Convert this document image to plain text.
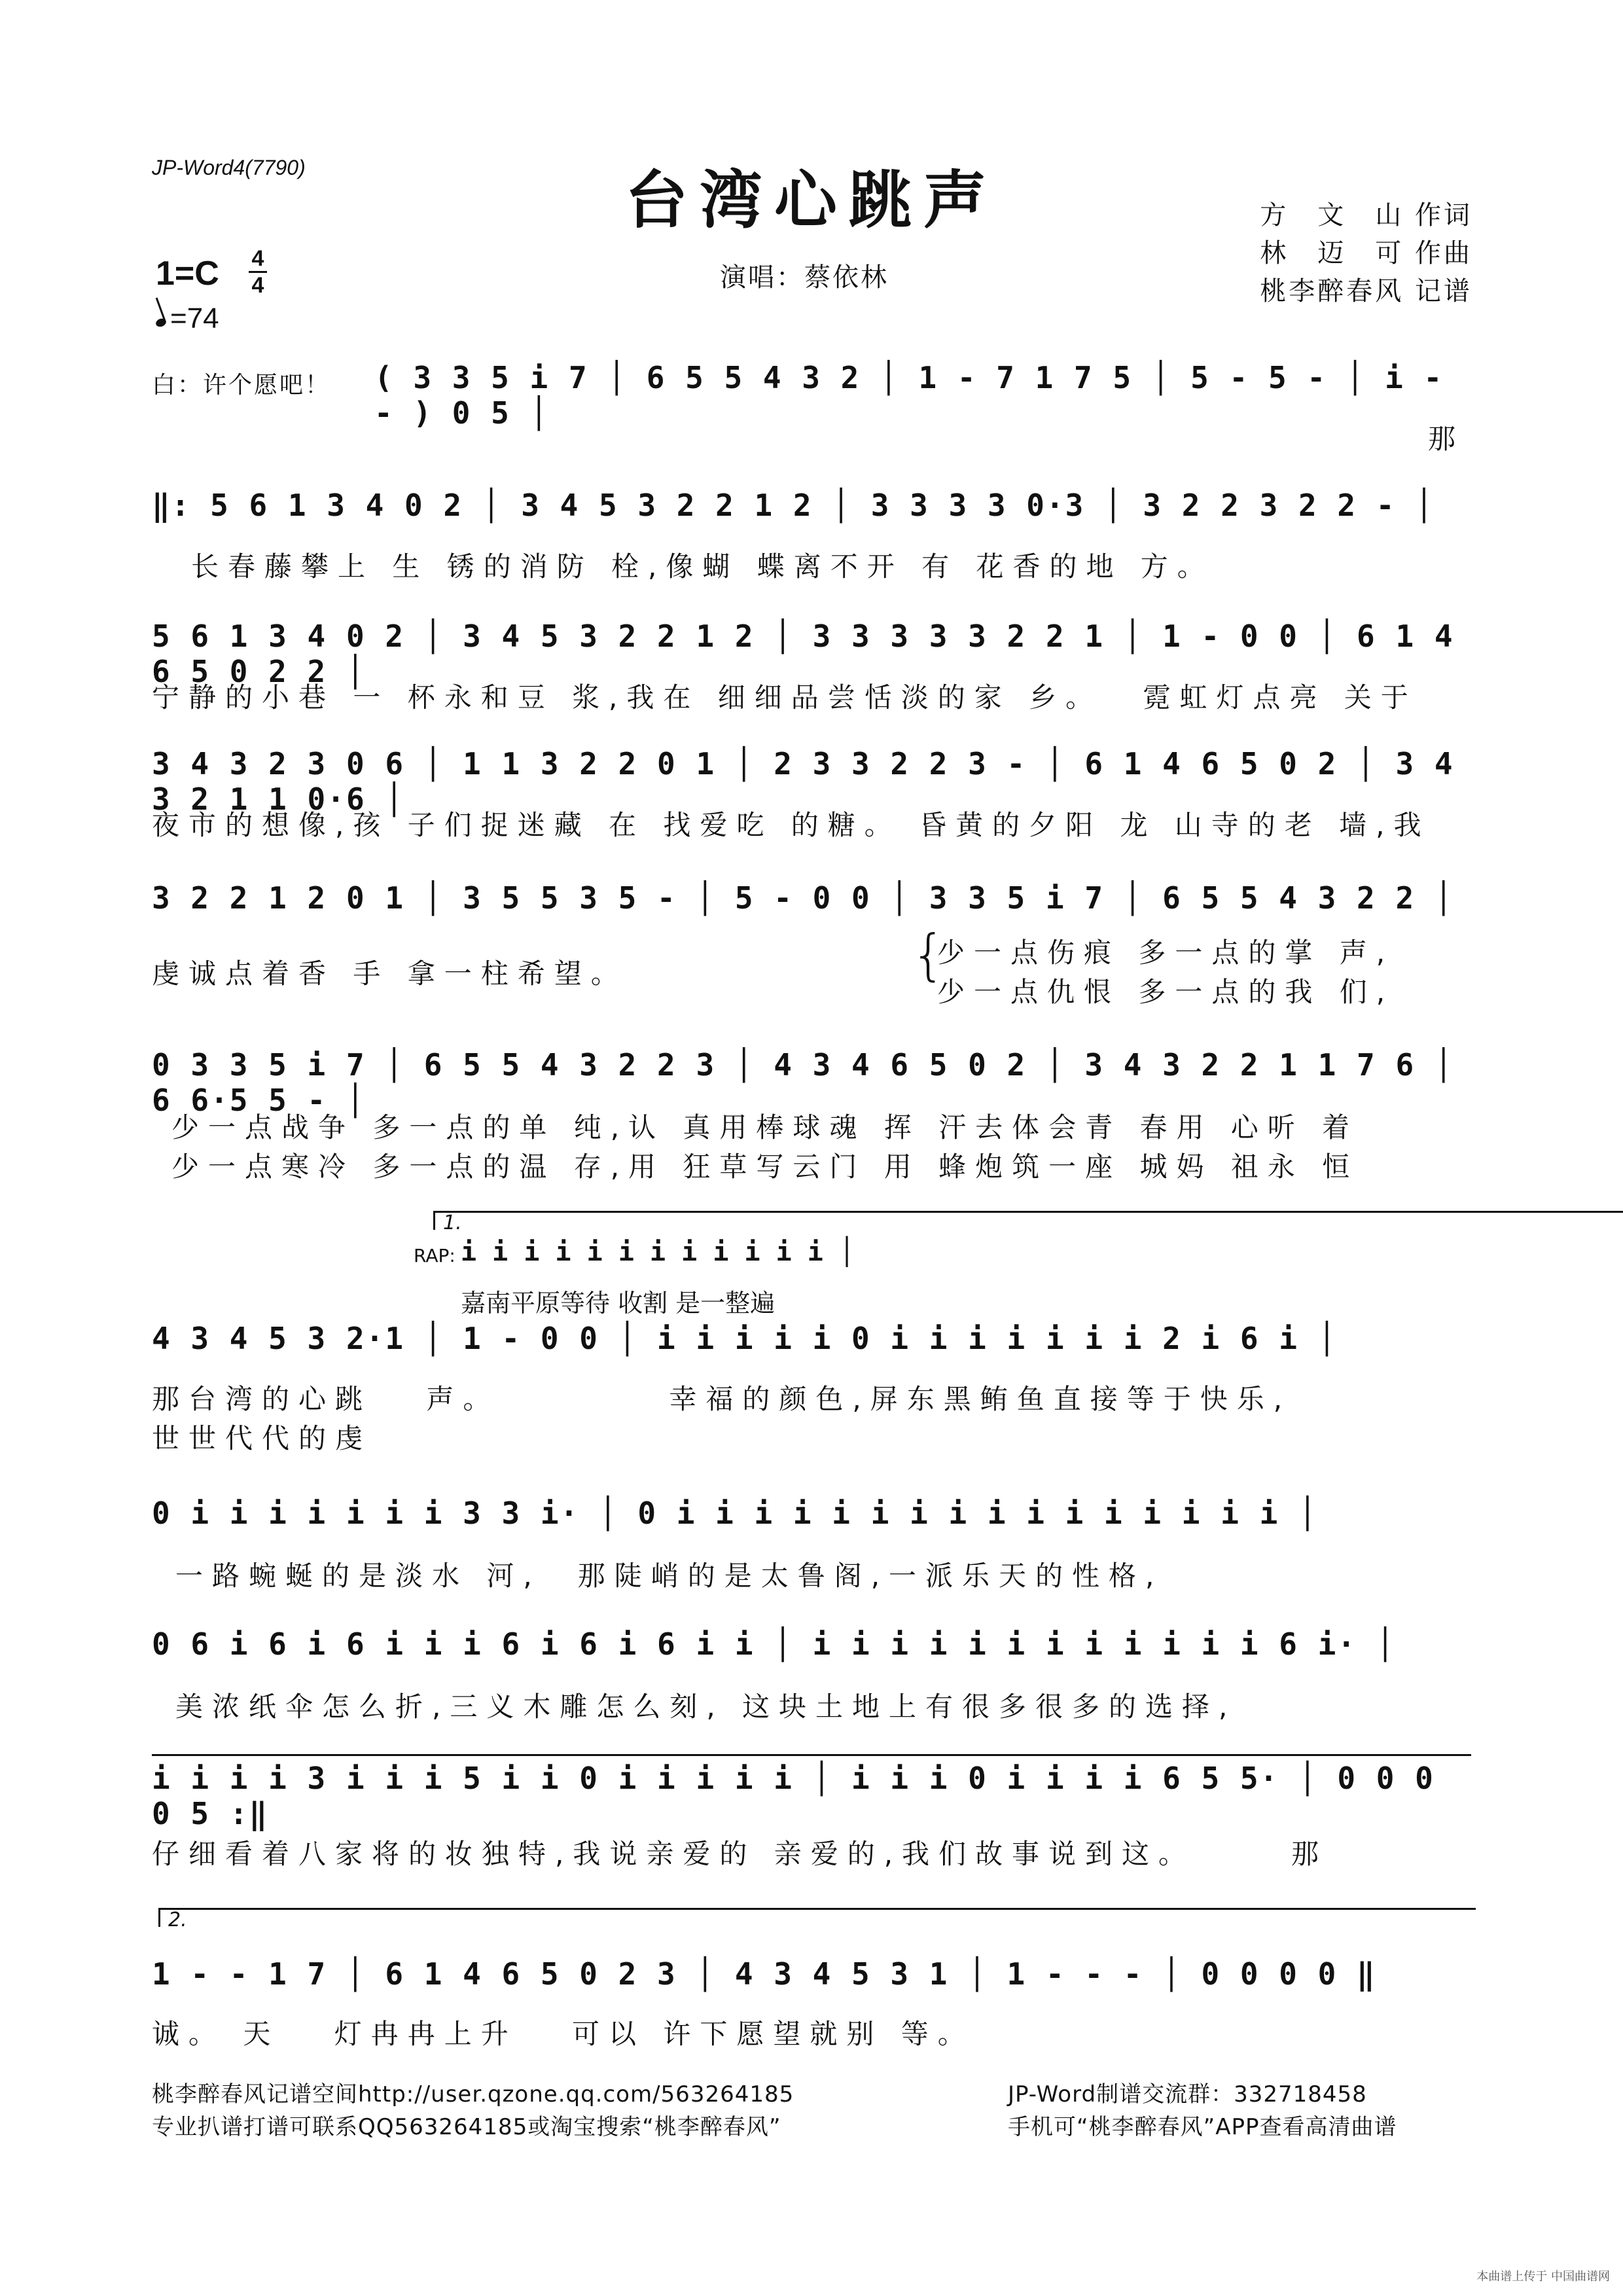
JP-Word4(7790)	台湾心跳声	方　文　山 作词
林　迈　可 作曲
桃李醉春风 记谱
1=C 4
4
=74
演唱：蔡依林
白：许个愿吧！ ( 3 3 5 i 7 │ 6 5 5 4 3 2 │ 1 - 7 1 7 5 │ 5 - 5 - │ i - - ) 0 5 │
那
‖: 5 6 1 3 4 0 2 │ 3 4 5 3 2 2 1 2 │ 3 3 3 3 0·3 │ 3 2 2 3 2 2 - │
长春藤攀上 生 锈的消防 栓,像蝴 蝶离不开 有 花香的地 方。
5 6 1 3 4 0 2 │ 3 4 5 3 2 2 1 2 │ 3 3 3 3 3 2 2 1 │ 1 - 0 0 │ 6 1 4 6 5 0 2 2 │
宁静的小巷 一 杯永和豆 浆,我在 细细品尝恬淡的家 乡。　 霓虹灯点亮 关于
3 4 3 2 3 0 6 │ 1 1 3 2 2 0 1 │ 2 3 3 2 2 3 - │ 6 1 4 6 5 0 2 │ 3 4 3 2 1 1 0·6 │
夜市的想像,孩 子们捉迷藏 在 找爱吃 的糖。 昏黄的夕阳 龙 山寺的老 墙,我
3 2 2 1 2 0 1 │ 3 5 5 3 5 - │ 5 - 0 0 │ 3 3 5 i 7 │ 6 5 5 4 3 2 2 │
虔诚点着香 手 拿一柱希望。	{
少一点伤痕 多一点的掌 声,
少一点仇恨 多一点的我 们,
0 3 3 5 i 7 │ 6 5 5 4 3 2 2 3 │ 4 3 4 6 5 0 2 │ 3 4 3 2 2 1 1 7 6 │ 6 6·5 5 - │
少一点战争 多一点的单 纯,认 真用棒球魂 挥 汗去体会青 春用 心听 着
少一点寒冷 多一点的温 存,用 狂草写云门 用 蜂炮筑一座 城妈 祖永 恒
1.
RAP: i i i i i i i i i i i i │
嘉南平原等待 收割 是一整遍
4 3 4 5 3 2·1 │ 1 - 0 0 │ i i i i i 0 i i i i i i i 2 i 6 i │
那台湾的心跳 　声。　　　　　幸福的颜色,屏东黑鲔鱼直接等于快乐,
世世代代的虔
0 i i i i i i i 3 3 i· │ 0 i i i i i i i i i i i i i i i i │
一路蜿蜒的是淡水 河,　那陡峭的是太鲁阁,一派乐天的性格,
0 6 i 6 i 6 i i i 6 i 6 i 6 i i │ i i i i i i i i i i i i 6 i· │
美浓纸伞怎么折,三义木雕怎么刻, 这块土地上有很多很多的选择,
i i i i 3 i i i 5 i i 0 i i i i i │ i i i 0 i i i i 6 5 5· │ 0 0 0 0 5 :‖
仔细看着八家将的妆独特,我说亲爱的 亲爱的,我们故事说到这。　　　那
2.
1 - - 1 7 │ 6 1 4 6 5 0 2 3 │ 4 3 4 5 3 1 │ 1 - - - │ 0 0 0 0 ‖
诚。 天 　灯冉冉上升 　可以 许下愿望就别 等。
桃李醉春风记谱空间http://user.qzone.qq.com/563264185
专业扒谱打谱可联系QQ563264185或淘宝搜索“桃李醉春风”
JP-Word制谱交流群：332718458
手机可“桃李醉春风”APP查看高清曲谱
本曲谱上传于 中国曲谱网
